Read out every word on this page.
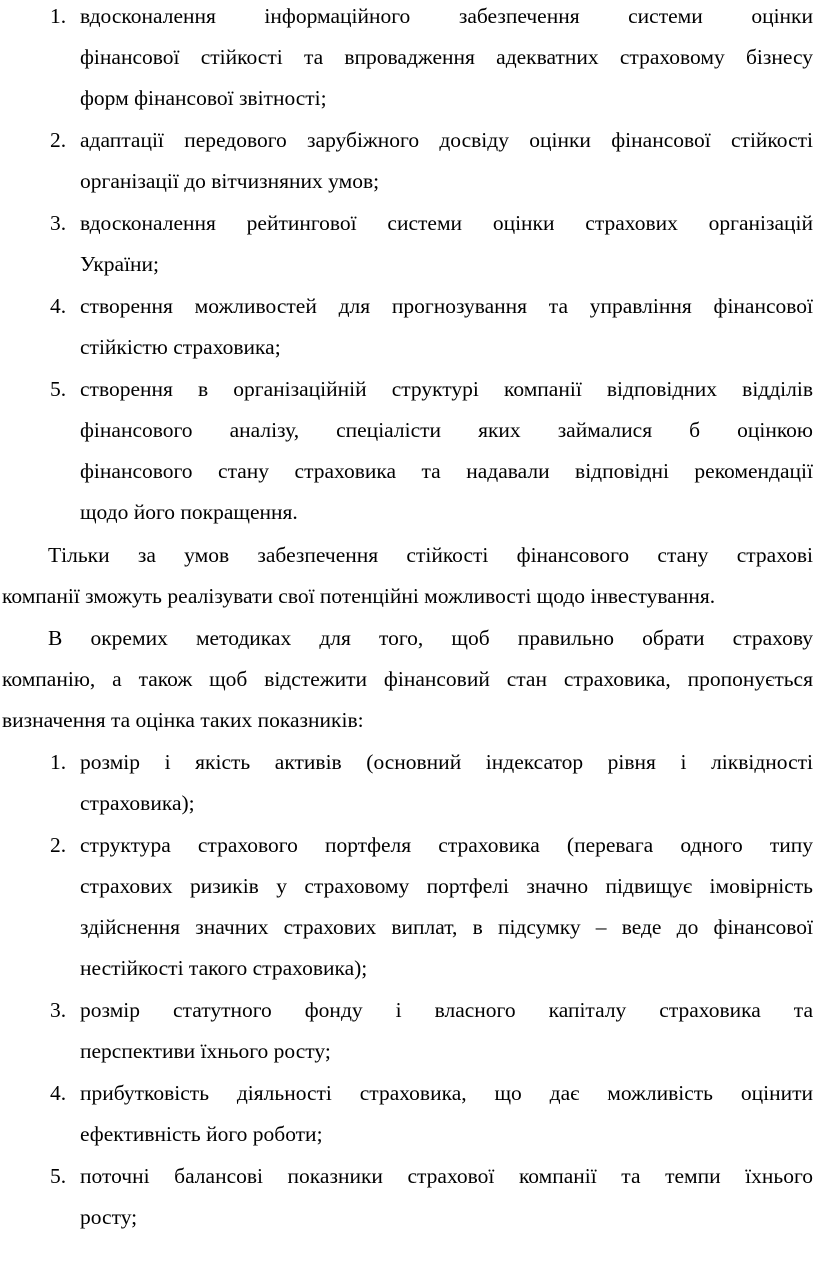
1. вдосконалення інформаційного забезпечення системи оцінки
фінансової стійкості та впровадження адекватних страховому бізнесу
форм фінансової звітності;
2. адаптації передового зарубіжного досвіду оцінки фінансової стійкості
організації до вітчизняних умов;
3. вдосконалення рейтингової системи оцінки страхових організацій
України;
4. створення можливостей для прогнозування та управління фінансової
стійкістю страховика;
5. створення в організаційній структурі компанії відповідних відділів
фінансового аналізу, спеціалісти яких займалися б оцінкою
фінансового стану страховика та надавали відповідні рекомендації
щодо його покращення.
Тільки за умов забезпечення стійкості фінансового стану страхові
компанії зможуть реалізувати свої потенційні можливості щодо інвестування.
В окремих методиках для того, щоб правильно обрати страхову
компанію, а також щоб відстежити фінансовий стан страховика, пропонується
визначення та оцінка таких показників:
1. розмір і якість активів (основний індексатор рівня і ліквідності
страховика);
2. структура страхового портфеля страховика (перевага одного типу
страхових ризиків у страховому портфелі значно підвищує імовірність
здійснення значних страхових виплат, в підсумку – веде до фінансової
нестійкості такого страховика);
3. розмір статутного фонду і власного капіталу страховика та
перспективи їхнього росту;
4. прибутковість діяльності страховика, що дає можливість оцінити
ефективність його роботи;
5. поточні балансові показники страхової компанії та темпи їхнього
росту;
